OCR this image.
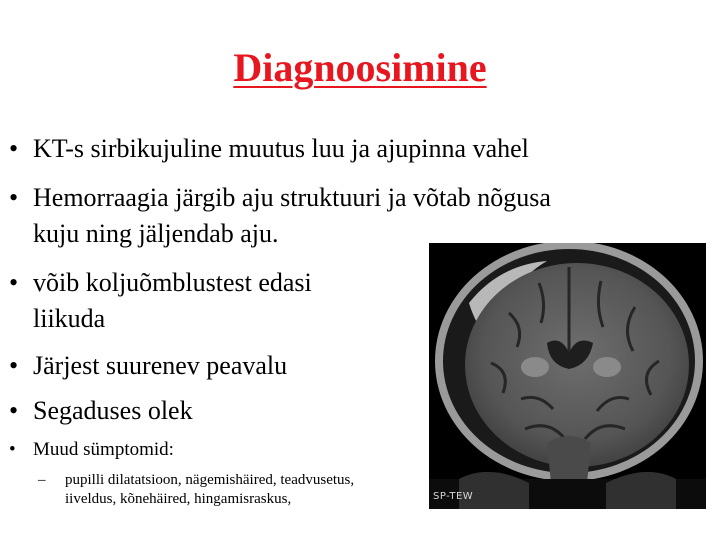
Diagnoosimine
• KT-s sirbikujuline muutus luu ja ajupinna vahel
• Hemorraagia järgib aju struktuuri ja võtab nõgusa
kuju ning jäljendab aju.
• võib koljuõmblustest edasi
liikuda
• Järjest suurenev peavalu
• Segaduses olek
• Muud sümptomid:
– pupilli dilatatsioon, nägemishäired, teadvusetus,
iiveldus, kõnehäired, hingamisraskus,	SP-TEW
